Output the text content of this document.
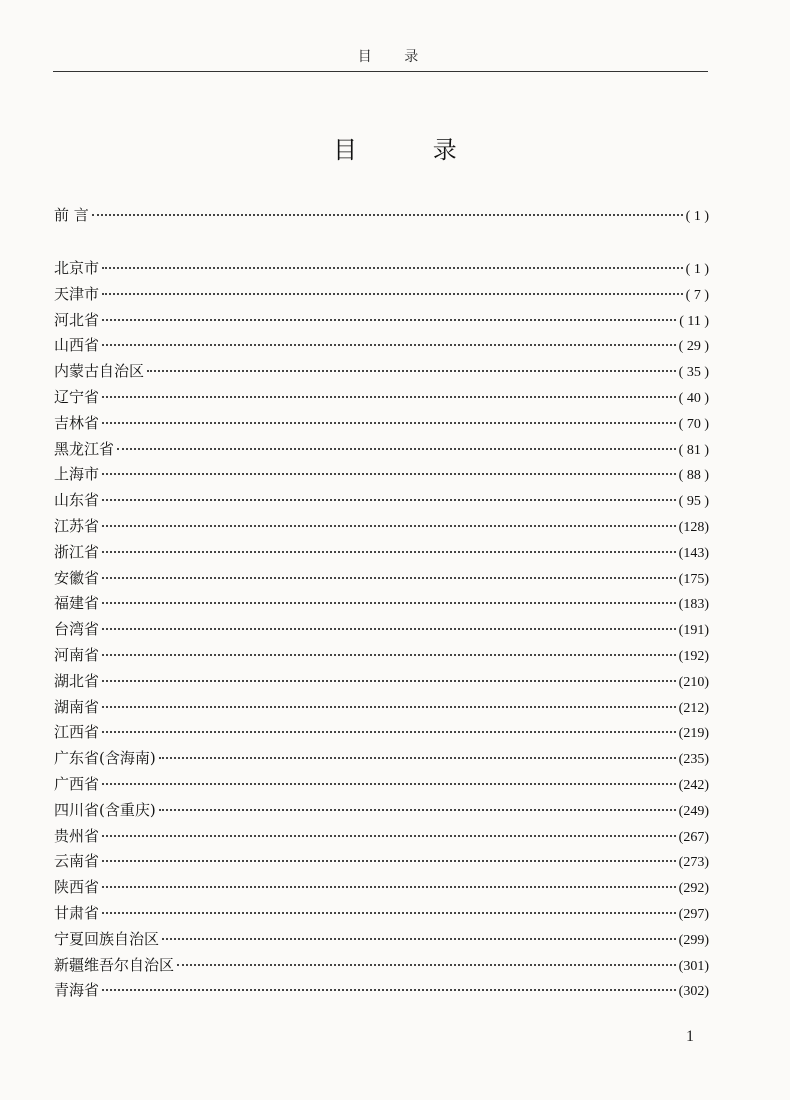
目 录
目 录
前 言	( 1 )
北京市	( 1 )
天津市	( 7 )
河北省	( 11 )
山西省	( 29 )
内蒙古自治区	( 35 )
辽宁省	( 40 )
吉林省	( 70 )
黑龙江省	( 81 )
上海市	( 88 )
山东省	( 95 )
江苏省	(128)
浙江省	(143)
安徽省	(175)
福建省	(183)
台湾省	(191)
河南省	(192)
湖北省	(210)
湖南省	(212)
江西省	(219)
广东省(含海南)	(235)
广西省	(242)
四川省(含重庆)	(249)
贵州省	(267)
云南省	(273)
陕西省	(292)
甘肃省	(297)
宁夏回族自治区	(299)
新疆维吾尔自治区	(301)
青海省	(302)
1
